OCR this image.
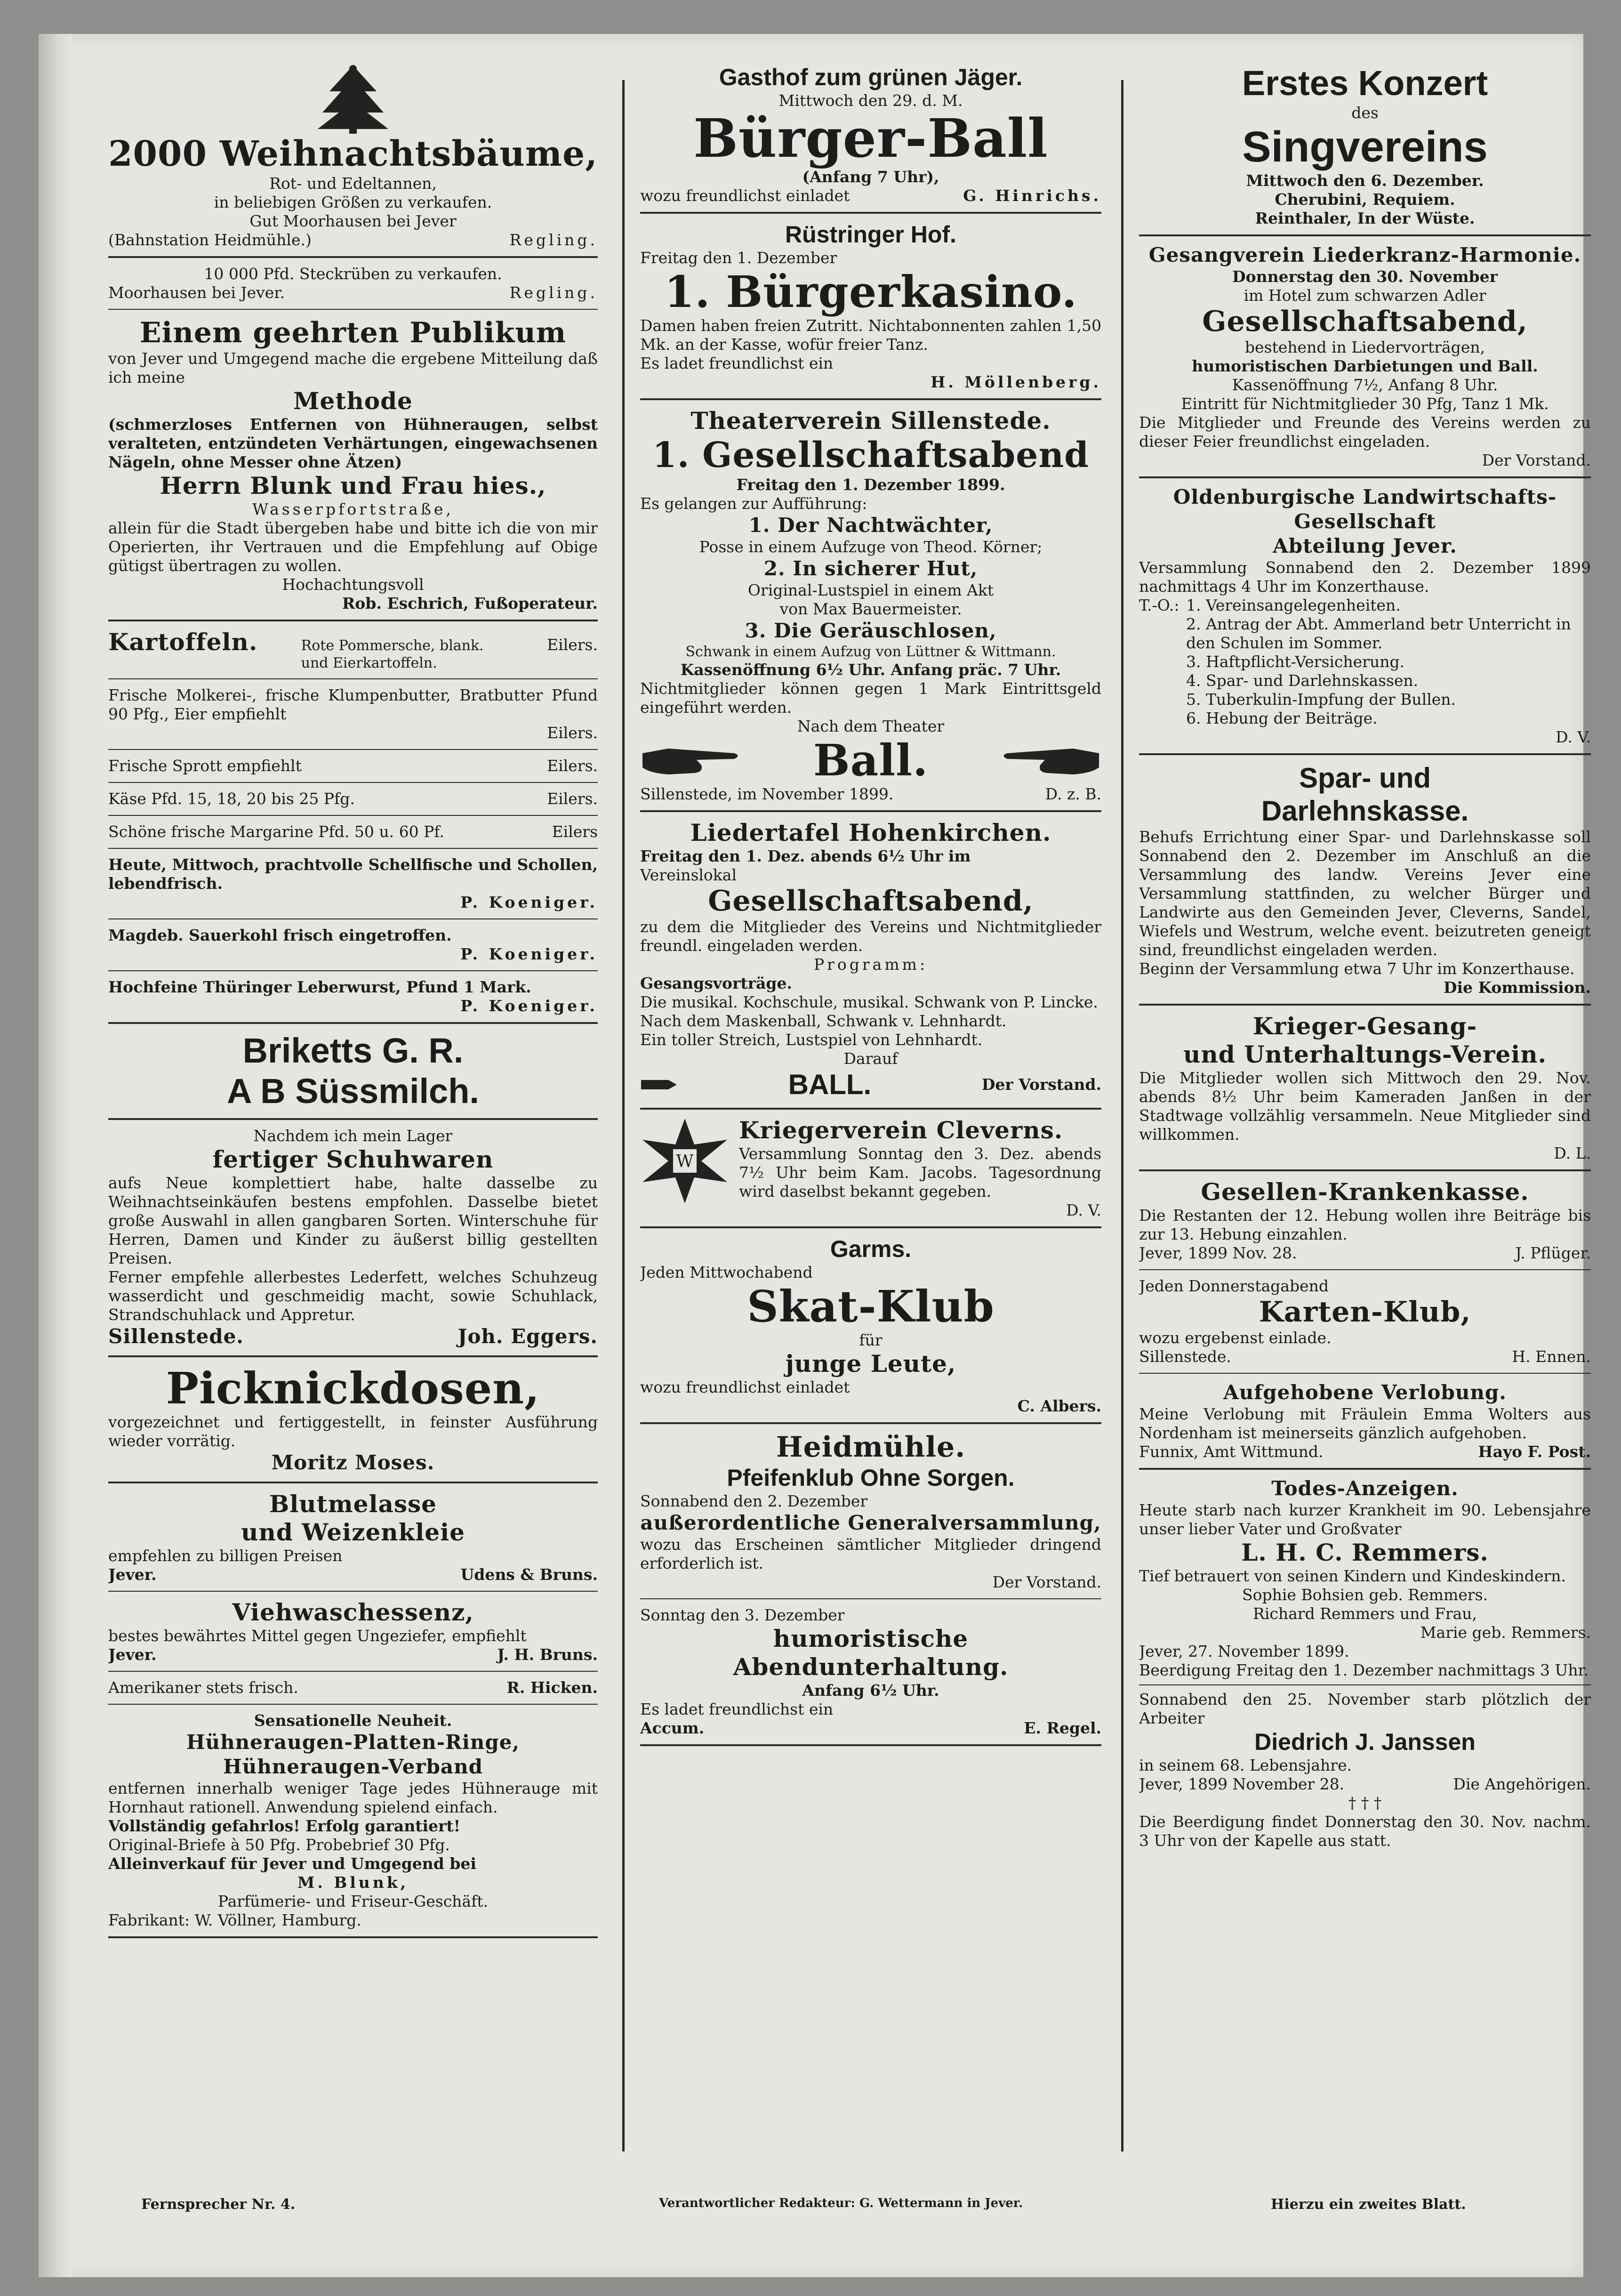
2000 Weihnachtsbäume,

Rot- und Edeltannen,

in beliebigen Größen zu verkaufen.

Gut Moorhausen bei Jever

(Bahnstation Heidmühle.)	Regling.

10 000 Pfd. Steckrüben zu verkaufen.

Moorhausen bei Jever.	Regling.

Einem geehrten Publikum

von Jever und Umgegend mache die ergebene Mitteilung daß ich meine

Methode

(schmerzloses Entfernen von Hühneraugen, selbst veralteten, entzündeten Verhärtungen, eingewachsenen Nägeln, ohne Messer ohne Ätzen)

Herrn Blunk und Frau hies.,

Wasserpfortstraße,

allein für die Stadt übergeben habe und bitte ich die von mir Operierten, ihr Vertrauen und die Empfehlung auf Obige gütigst übertragen zu wollen.

Hochachtungsvoll

Rob. Eschrich, Fußoperateur.

Kartoffeln.	Rote Pommersche, blank. und Eierkartoffeln.
Eilers.

Frische Molkerei-, frische Klumpenbutter, Bratbutter Pfund 90 Pfg., Eier empfiehlt

Eilers.

Frische Sprott empfiehlt	Eilers.
Käse Pfd. 15, 18, 20 bis 25 Pfg.	Eilers.
Schöne frische Margarine Pfd. 50 u. 60 Pf.	Eilers

Heute, Mittwoch, prachtvolle Schellfische und Schollen, lebendfrisch.

P. Koeniger.

Magdeb. Sauerkohl frisch eingetroffen.

P. Koeniger.

Hochfeine Thüringer Leberwurst, Pfund 1 Mark.

P. Koeniger.

Briketts G. R.

A B Süssmilch.

Nachdem ich mein Lager

fertiger Schuhwaren

aufs Neue komplettiert habe, halte dasselbe zu Weihnachtseinkäufen bestens empfohlen. Dasselbe bietet große Auswahl in allen gangbaren Sorten. Winterschuhe für Herren, Damen und Kinder zu äußerst billig gestellten Preisen.

Ferner empfehle allerbestes Lederfett, welches Schuhzeug wasserdicht und geschmeidig macht, sowie Schuhlack, Strandschuhlack und Appretur.

Sillenstede.	Joh. Eggers.

Picknickdosen,

vorgezeichnet und fertiggestellt, in feinster Ausführung wieder vorrätig.

Moritz Moses.

Blutmelasse

und Weizenkleie

empfehlen zu billigen Preisen

Jever.	Udens & Bruns.

Viehwaschessenz,

bestes bewährtes Mittel gegen Ungeziefer, empfiehlt

Jever.	J. H. Bruns.
Amerikaner stets frisch.	R. Hicken.

Sensationelle Neuheit.

Hühneraugen-Platten-Ringe,

Hühneraugen-Verband

entfernen innerhalb weniger Tage jedes Hühnerauge mit Hornhaut rationell. Anwendung spielend einfach.

Vollständig gefahrlos! Erfolg garantiert!

Original-Briefe à 50 Pfg. Probebrief 30 Pfg.

Alleinverkauf für Jever und Umgegend bei

M. Blunk,

Parfümerie- und Friseur-Geschäft.

Fabrikant: W. Völlner, Hamburg.

Gasthof zum grünen Jäger.

Mittwoch den 29. d. M.

Bürger-Ball

(Anfang 7 Uhr),

wozu freundlichst einladet	G. Hinrichs.

Rüstringer Hof.

Freitag den 1. Dezember

1. Bürgerkasino.

Damen haben freien Zutritt. Nichtabonnenten zahlen 1,50 Mk. an der Kasse, wofür freier Tanz.

Es ladet freundlichst ein

H. Möllenberg.

Theaterverein Sillenstede.

1. Gesellschaftsabend

Freitag den 1. Dezember 1899.

Es gelangen zur Aufführung:

1. Der Nachtwächter,

Posse in einem Aufzuge von Theod. Körner;

2. In sicherer Hut,

Original-Lustspiel in einem Akt

von Max Bauermeister.

3. Die Geräuschlosen,

Schwank in einem Aufzug von Lüttner & Wittmann.

Kassenöffnung 6½ Uhr. Anfang präc. 7 Uhr.

Nichtmitglieder können gegen 1 Mark Eintrittsgeld eingeführt werden.

Nach dem Theater

Ball.
Sillenstede, im November 1899.	D. z. B.

Liedertafel Hohenkirchen.

Freitag den 1. Dez. abends 6½ Uhr im

Vereinslokal

Gesellschaftsabend,

zu dem die Mitglieder des Vereins und Nichtmitglieder freundl. eingeladen werden.

Programm:

Gesangsvorträge.

Die musikal. Kochschule, musikal. Schwank von P. Lincke.

Nach dem Maskenball, Schwank v. Lehnhardt.

Ein toller Streich, Lustspiel von Lehnhardt.

Darauf

BALL.	Der Vorstand.
W

Kriegerverein Cleverns.

Versammlung Sonntag den 3. Dez. abends 7½ Uhr beim Kam. Jacobs. Tagesordnung wird daselbst bekannt gegeben.

D. V.

Garms.

Jeden Mittwochabend

Skat-Klub

für

junge Leute,

wozu freundlichst einladet

C. Albers.

Heidmühle.

Pfeifenklub Ohne Sorgen.

Sonnabend den 2. Dezember

außerordentliche Generalversammlung,

wozu das Erscheinen sämtlicher Mitglieder dringend erforderlich ist.

Der Vorstand.

Sonntag den 3. Dezember

humoristische Abendunterhaltung.

Anfang 6½ Uhr.

Es ladet freundlichst ein

Accum.	E. Regel.

Erstes Konzert

des

Singvereins

Mittwoch den 6. Dezember.

Cherubini, Requiem.

Reinthaler, In der Wüste.

Gesangverein Liederkranz-Harmonie.

Donnerstag den 30. November

im Hotel zum schwarzen Adler

Gesellschaftsabend,

bestehend in Liedervorträgen,

humoristischen Darbietungen und Ball.

Kassenöffnung 7½, Anfang 8 Uhr.

Eintritt für Nichtmitglieder 30 Pfg, Tanz 1 Mk.

Die Mitglieder und Freunde des Vereins werden zu dieser Feier freundlichst eingeladen.

Der Vorstand.

Oldenburgische Landwirtschafts-Gesellschaft

Abteilung Jever.

Versammlung Sonnabend den 2. Dezember 1899 nachmittags 4 Uhr im Konzerthause.

T.-O.: 1. Vereinsangelegenheiten.

2. Antrag der Abt. Ammerland betr Unterricht in den Schulen im Sommer.

3. Haftpflicht-Versicherung.

4. Spar- und Darlehnskassen.

5. Tuberkulin-Impfung der Bullen.

6. Hebung der Beiträge.

D. V.

Spar- und

Darlehnskasse.

Behufs Errichtung einer Spar- und Darlehnskasse soll Sonnabend den 2. Dezember im Anschluß an die Versammlung des landw. Vereins Jever eine Versammlung stattfinden, zu welcher Bürger und Landwirte aus den Gemeinden Jever, Cleverns, Sandel, Wiefels und Westrum, welche event. beizutreten geneigt sind, freundlichst eingeladen werden.

Beginn der Versammlung etwa 7 Uhr im Konzerthause.

Die Kommission.

Krieger-Gesang-

und Unterhaltungs-Verein.

Die Mitglieder wollen sich Mittwoch den 29. Nov. abends 8½ Uhr beim Kameraden Janßen in der Stadtwage vollzählig versammeln. Neue Mitglieder sind willkommen.

D. L.

Gesellen-Krankenkasse.

Die Restanten der 12. Hebung wollen ihre Beiträge bis zur 13. Hebung einzahlen.

Jever, 1899 Nov. 28.	J. Pflüger.

Jeden Donnerstagabend

Karten-Klub,

wozu ergebenst einlade.

Sillenstede.	H. Ennen.

Aufgehobene Verlobung.

Meine Verlobung mit Fräulein Emma Wolters aus Nordenham ist meinerseits gänzlich aufgehoben.

Funnix, Amt Wittmund.	Hayo F. Post.

Todes-Anzeigen.

Heute starb nach kurzer Krankheit im 90. Lebensjahre unser lieber Vater und Großvater

L. H. C. Remmers.

Tief betrauert von seinen Kindern und Kindeskindern.

Sophie Bohsien geb. Remmers.

Richard Remmers und Frau,

Marie geb. Remmers.

Jever, 27. November 1899.

Beerdigung Freitag den 1. Dezember nachmittags 3 Uhr.

Sonnabend den 25. November starb plötzlich der Arbeiter

Diedrich J. Janssen

in seinem 68. Lebensjahre.

Jever, 1899 November 28.	Die Angehörigen.

† † †

Die Beerdigung findet Donnerstag den 30. Nov. nachm. 3 Uhr von der Kapelle aus statt.

Fernsprecher Nr. 4.	Verantwortlicher Redakteur: G. Wettermann in Jever.	Hierzu ein zweites Blatt.
